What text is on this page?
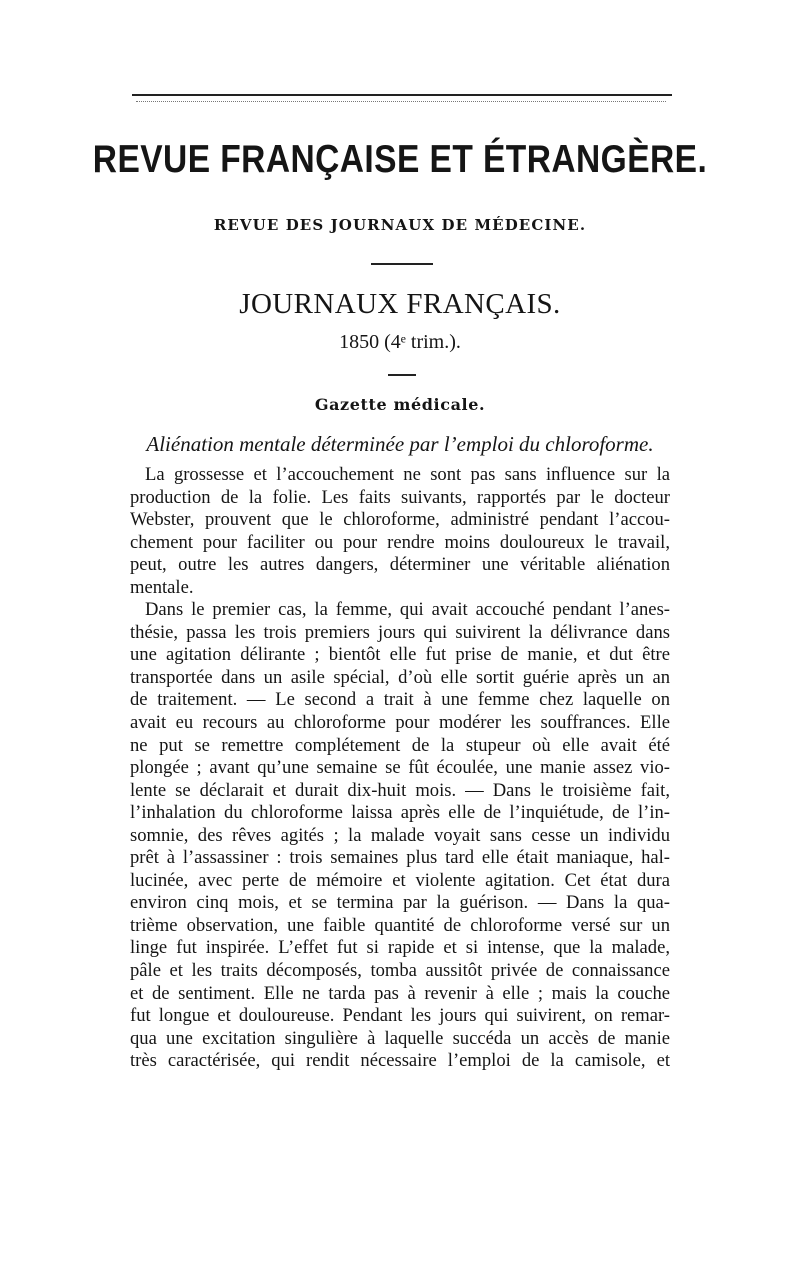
REVUE FRANÇAISE ET ÉTRANGÈRE.
REVUE DES JOURNAUX DE MÉDECINE.
JOURNAUX FRANÇAIS.
1850 (4ᵉ trim.).
Gazette médicale.
Aliénation mentale déterminée par l’emploi du chloroforme.
La grossesse et l’accouchement ne sont pas sans influence sur la
production de la folie. Les faits suivants, rapportés par le docteur
Webster, prouvent que le chloroforme, administré pendant l’accou-
chement pour faciliter ou pour rendre moins douloureux le travail,
peut, outre les autres dangers, déterminer une véritable aliénation
mentale.
Dans le premier cas, la femme, qui avait accouché pendant l’anes-
thésie, passa les trois premiers jours qui suivirent la délivrance dans
une agitation délirante ; bientôt elle fut prise de manie, et dut être
transportée dans un asile spécial, d’où elle sortit guérie après un an
de traitement. — Le second a trait à une femme chez laquelle on
avait eu recours au chloroforme pour modérer les souffrances. Elle
ne put se remettre complétement de la stupeur où elle avait été
plongée ; avant qu’une semaine se fût écoulée, une manie assez vio-
lente se déclarait et durait dix-huit mois. — Dans le troisième fait,
l’inhalation du chloroforme laissa après elle de l’inquiétude, de l’in-
somnie, des rêves agités ; la malade voyait sans cesse un individu
prêt à l’assassiner : trois semaines plus tard elle était maniaque, hal-
lucinée, avec perte de mémoire et violente agitation. Cet état dura
environ cinq mois, et se termina par la guérison. — Dans la qua-
trième observation, une faible quantité de chloroforme versé sur un
linge fut inspirée. L’effet fut si rapide et si intense, que la malade,
pâle et les traits décomposés, tomba aussitôt privée de connaissance
et de sentiment. Elle ne tarda pas à revenir à elle ; mais la couche
fut longue et douloureuse. Pendant les jours qui suivirent, on remar-
qua une excitation singulière à laquelle succéda un accès de manie
très caractérisée, qui rendit nécessaire l’emploi de la camisole, et
